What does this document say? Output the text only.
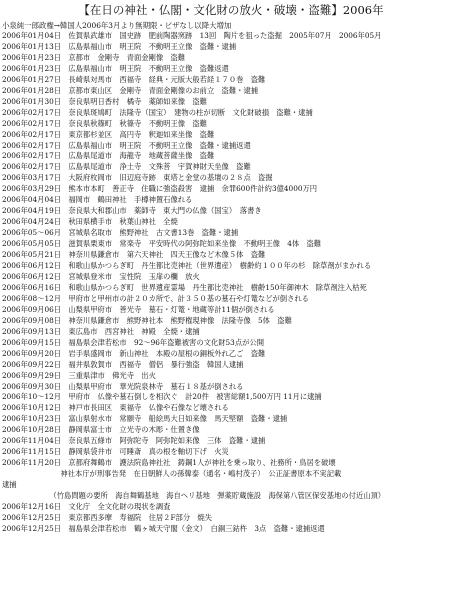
【在日の神社・仏閣・文化財の放火・破壊・盗難】2006年
小泉純一郎政権→韓国人2006年3月より無期限・ビザなし以降大増加
2006年01月04日　佐賀県武雄市　国史跡　肥前陶器窯跡　13回　陶片を狙った盗掘　2005年07月　2006年05月
2006年01月13日　広島県福山市　明王院　不動明王立像　盗難・逮捕
2006年01月23日　京都市　金剛寺　青面金剛像　盗難
2006年01月23日　広島県福山市　明王院　不動明王立像　盗難返還
2006年01月27日　長崎県対馬市　西福寺　経典・元版大般若経１７０巻　盗難
2006年01月28日　京都市東山区　金剛寺　青面金剛像のお前立　盗難・逮捕
2006年01月30日　奈良県明日香村　橘寺　薬師如来像　盗難
2006年02月17日　奈良県斑鳩町　法隆寺（国宝）　建物の柱が切断　文化財破損　盗難・逮捕
2006年02月17日　奈良県秋篠町　秋篠寺　不動明王像　盗難
2006年02月17日　東京都杉並区　高円寺　釈迦如来坐像　盗難
2006年02月17日　広島県福山市　明王院　不動明王立像　盗難・逮捕返還
2006年02月17日　広島県尾道市　海龍寺　地蔵菩薩坐像　盗難
2006年02月17日　広島県尾道市　浄土寺　文殊菩　宇賀神財天坐像　盗難
2006年03月17日　大阪府枚岡市　旧辺庭寺跡　東塔と金堂の基壇の２８点　盗掘
2006年03月29日　熊本市本町　善正寺　住職に強盗殺害　逮捕　余罪600件計約3億4000万円
2006年04月04日　福岡市　鶴田神社　手樽神置石像れる
2006年04月19日　奈良県大和郡山市　薬師寺　東大門の仏像（国宝）　落書き
2006年04月24日　秋田県横手市　秋葉山神社　全焼
2006年05～06月　宮城県名取市　熊野神社　古文書13巻　盗難・逮捕
2006年05月05日　滋賀県栗東市　常楽寺　平安時代の阿弥陀如来坐像　不動明王像　4体　盗難
2006年05月21日　神奈川県鎌倉市　第六天神社　四天王像など木像５体　盗難
2006年06月12日　和歌山県かつらぎ町　丹生都比売神社（世界遺産）　樹齢約１００年の杉　除草剤がまかれる
2006年06月12日　宮城県登米市　宝性院　玉扉の欄　放火
2006年06月16日　和歌山県かつらぎ町　世界遺産霊場　丹生都比売神社　樹齢150年御神木　除草剤注入枯死
2006年08～12月　甲府市と甲州市の計２０カ所で、計３５０基の墓石や灯篭などが倒される
2006年09月06日　山梨県甲府市　善光寺　墓石・灯篭・地蔵等計11個が倒される
2006年09月08日　神奈川県鎌倉市　熊野神社本　熊野権現神像　法隆寺像　5体　盗難
2006年09月13日　東広島市　西宮神社　神殿　全焼・逮捕
2006年09月15日　福島県会津若松市　92～96年盗難被害の文化財53点が公開
2006年09月20日　岩手県盛岡市　新山神社　本殿の屋根の銅板外れ乙ご　盗難
2006年09月22日　福井県敦賀市　西福寺　僧侶　暴行強盗　韓国人逮捕
2006年09月29日　三重県津市　佛光寺　出火
2006年09月30日　山梨県甲府市　華光院泉林寺　墓石１８基が倒される
2006年10～12月　甲府市　仏像や墓石倒しを相次ぐ　計20件　被害総額1,500万円 11月に逮捕
2006年10月12日　神戸市長田区　東福寺　仏像や石像など壊される
2006年10月23日　富山県射水市　常願寺　船絵馬大日如来像　馬天堅額　盗難・逮捕
2006年10月28日　静岡県富士市　立光寺の木彫・仕置き像
2006年11月04日　奈良県五條市　阿弥陀寺　阿弥陀如来像　三体　盗難・逮捕
2006年11月15日　静岡県袋井市　可睡斎　真の根を軸切下げ　火災
2006年11月20日　京都府舞鶴市　護法院島神社社　鋳鋼1人が神社を乗っ取り、社務所・鳥居を破壊
　　　　　　　　神社本庁が刑事告発　在日朝鮮人の孫韓泰（通名・嶋村茂子）　公正証書原本不実記載
逮捕
　　　　　　　（竹島問題の要所　海自舞鶴基地　海自ヘリ基地　弾薬貯蔵施設　海保第八管区保安基地の付近山頂）
2006年12月16日　文化庁　全文化財の現状を調査
2006年12月25日　東京都西多摩　寿福院　住居２F部分　焼失
2006年12月25日　福島県会津若松市　鶴ヶ城天守閣（金文）　白銅三鈷杵　3点　盗難・逮捕返還
